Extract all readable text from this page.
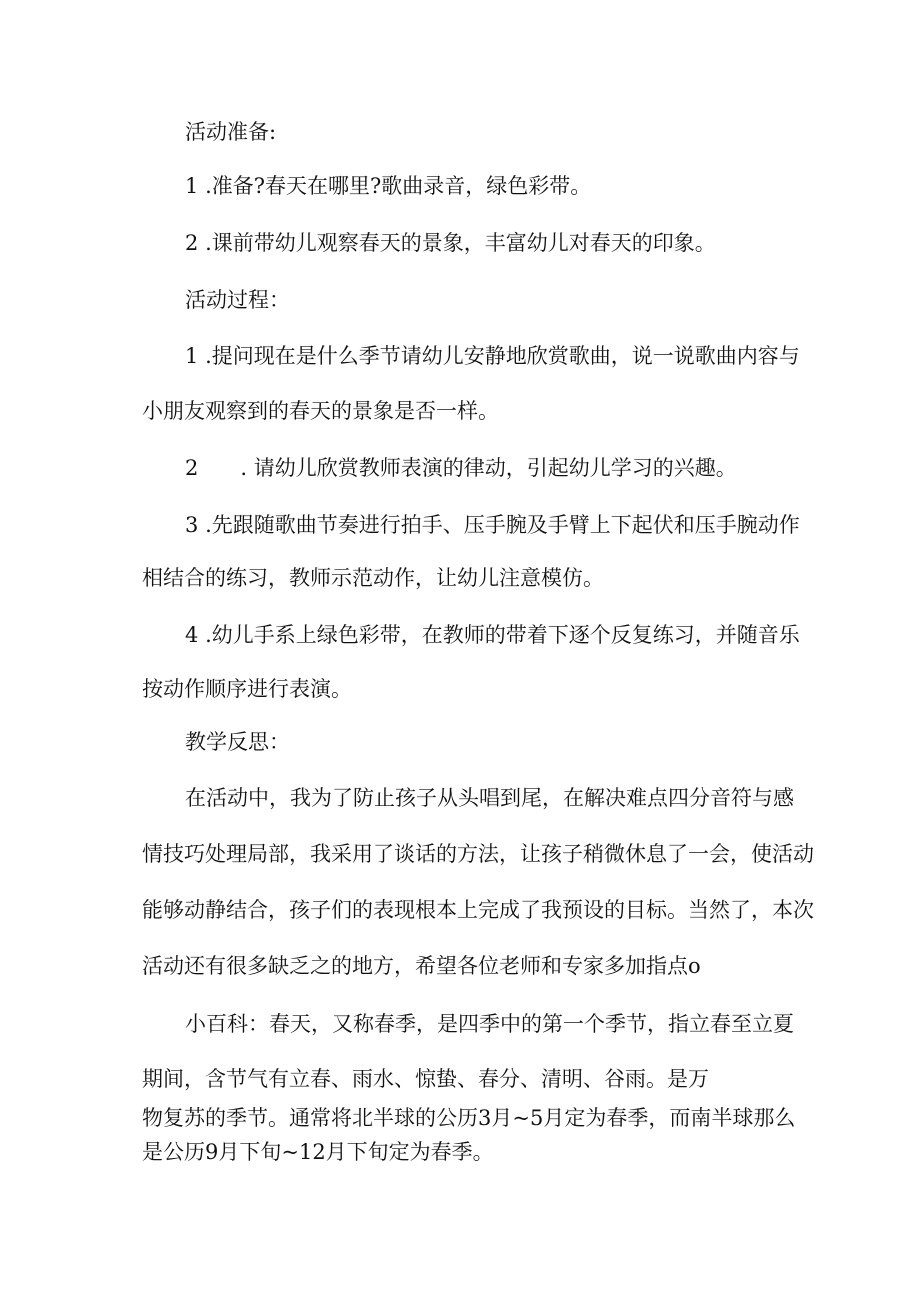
活动准备:

1 .准备?春天在哪里?歌曲录音，绿色彩带。

2 .课前带幼儿观察春天的景象，丰富幼儿对春天的印象。

活动过程：

1 .提问现在是什么季节请幼儿安静地欣赏歌曲，说一说歌曲内容与

小朋友观察到的春天的景象是否一样。

2 . 请幼儿欣赏教师表演的律动，引起幼儿学习的兴趣。

3 .先跟随歌曲节奏进行拍手、压手腕及手臂上下起伏和压手腕动作

相结合的练习，教师示范动作，让幼儿注意模仿。

4 .幼儿手系上绿色彩带，在教师的带着下逐个反复练习，并随音乐

按动作顺序进行表演。

教学反思：

在活动中，我为了防止孩子从头唱到尾，在解决难点四分音符与感

情技巧处理局部，我采用了谈话的方法，让孩子稍微休息了一会，使活动

能够动静结合，孩子们的表现根本上完成了我预设的目标。当然了，本次

活动还有很多缺乏之的地方，希望各位老师和专家多加指点o

小百科：春天，又称春季，是四季中的第一个季节，指立春至立夏

期间，含节气有立春、雨水、惊蛰、春分、清明、谷雨。是万

物复苏的季节。通常将北半球的公历3月~5月定为春季，而南半球那么

是公历9月下旬~12月下旬定为春季。
